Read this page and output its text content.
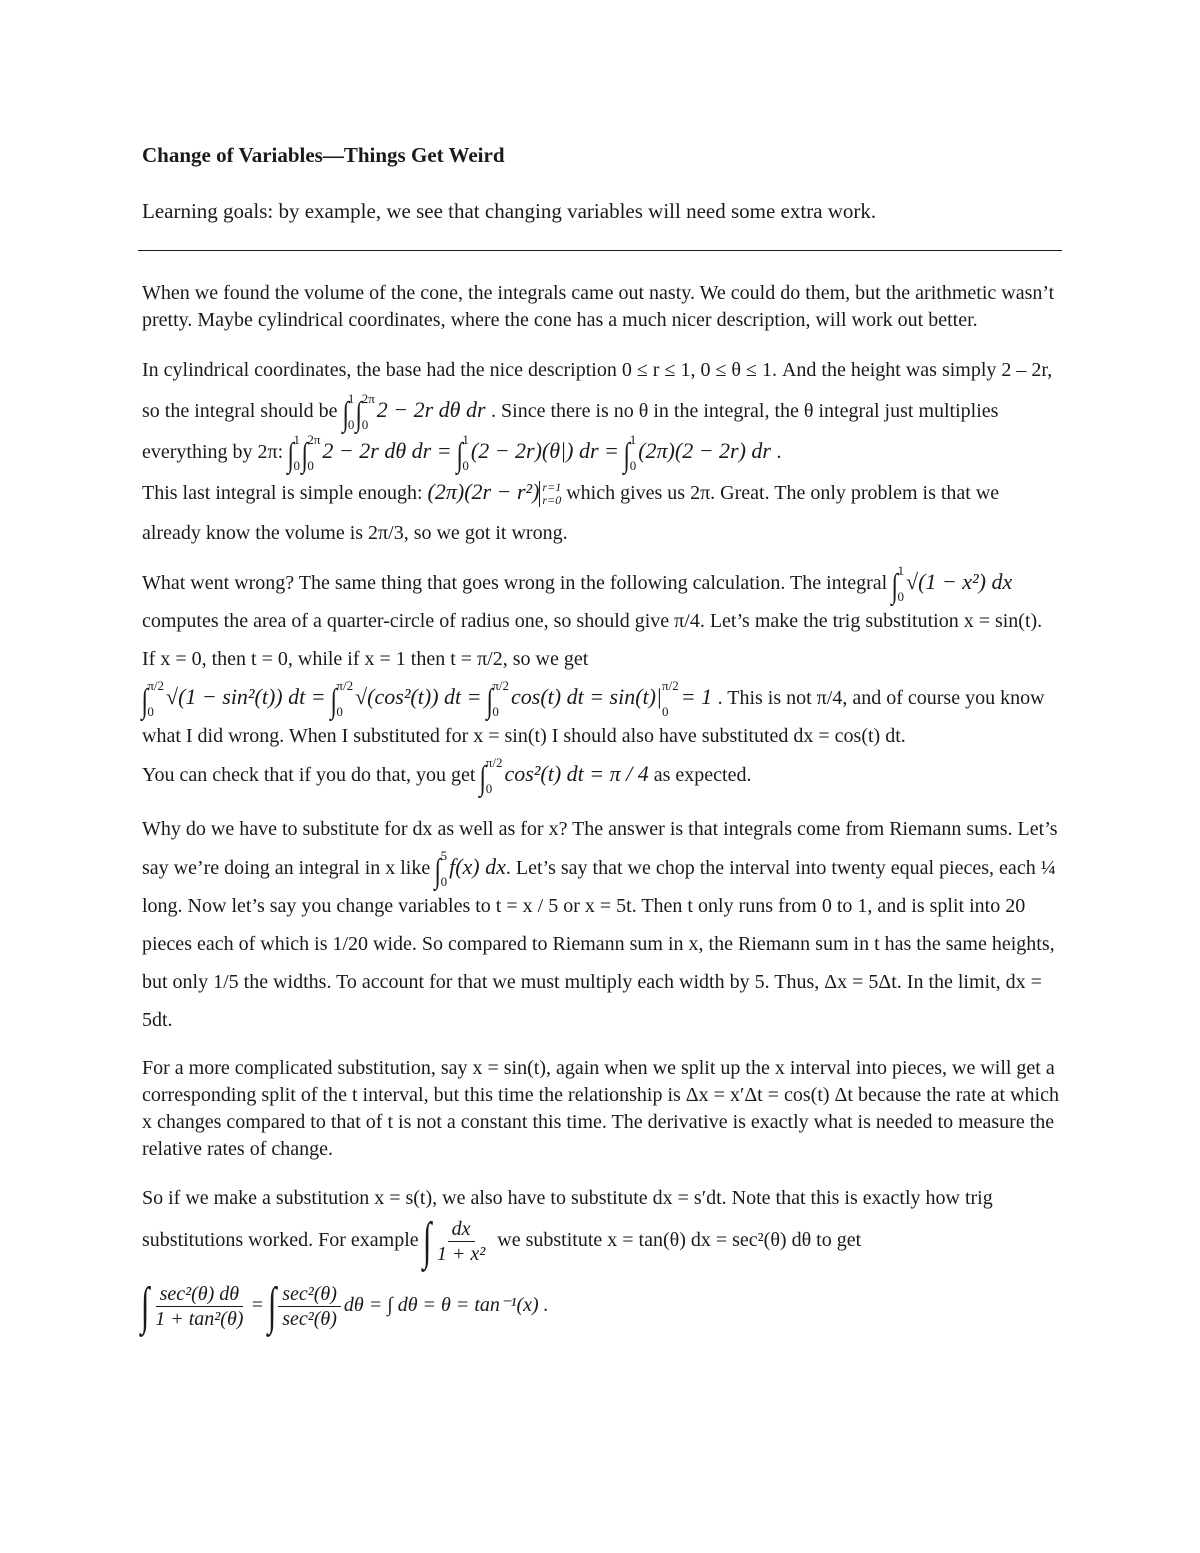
Change of Variables—Things Get Weird
Learning goals: by example, we see that changing variables will need some extra work.

When we found the volume of the cone, the integrals came out nasty. We could do them, but the arithmetic wasn’t pretty. Maybe cylindrical coordinates, where the cone has a much nicer description, will work out better.

In cylindrical coordinates, the base had the nice description 0 ≤ r ≤ 1, 0 ≤ θ ≤ 1. And the height was simply 2 – 2r, so the integral should be ∫ 1
0 ∫ 2π
0
2 − 2r dθ dr . Since there is no θ in the integral, the θ integral just multiplies everything by 2π: ∫ 1
0 ∫ 2π
0
2 − 2r dθ dr = ∫ 1
0
(2 − 2r)(θ|) dr = ∫ 1
0
(2π)(2 − 2r) dr .
This last integral is simple enough: (2π)(2r − r²) r=1
r=0 which gives us 2π. Great. The only problem is that we already know the volume is 2π/3, so we got it wrong.

What went wrong? The same thing that goes wrong in the following calculation. The integral ∫ 1
0
√(1 − x²) dx computes the area of a quarter-circle of radius one, so should give π/4. Let’s make the trig substitution x = sin(t). If x = 0, then t = 0, while if x = 1 then t = π/2, so we get
∫ π/2
0
√(1 − sin²(t)) dt = ∫ π/2
0
√(cos²(t)) dt = ∫ π/2
0
cos(t) dt = sin(t)| π/2
0
= 1 . This is not π/4, and of course you know what I did wrong. When I substituted for x = sin(t) I should also have substituted dx = cos(t) dt.
You can check that if you do that, you get ∫ π/2
0
cos²(t) dt = π / 4 as expected.

Why do we have to substitute for dx as well as for x? The answer is that integrals come from Riemann sums. Let’s say we’re doing an integral in x like ∫ 5
0
f(x) dx. Let’s say that we chop the interval into twenty equal pieces, each ¼ long. Now let’s say you change variables to t = x / 5 or x = 5t. Then t only runs from 0 to 1, and is split into 20 pieces each of which is 1/20 wide. So compared to Riemann sum in x, the Riemann sum in t has the same heights, but only 1/5 the widths. To account for that we must multiply each width by 5. Thus, Δx = 5Δt. In the limit, dx = 5dt.

For a more complicated substitution, say x = sin(t), again when we split up the x interval into pieces, we will get a corresponding split of the t interval, but this time the relationship is Δx = x′Δt = cos(t) Δt because the rate at which x changes compared to that of t is not a constant this time. The derivative is exactly what is needed to measure the relative rates of change.

So if we make a substitution x = s(t), we also have to substitute dx = s′dt. Note that this is exactly how trig substitutions worked. For example ∫ $\frac{dx}{\text{1 + x²}}$ we substitute x = tan(θ) dx = sec²(θ) dθ to get

∫ $\frac{\text{sec²(θ) dθ}}{\text{1 + tan²(θ)}}$ = ∫ $\frac{\text{sec²(θ)}}{\text{sec²(θ)}}$ dθ = ∫ dθ = θ = tan⁻¹(x) .
